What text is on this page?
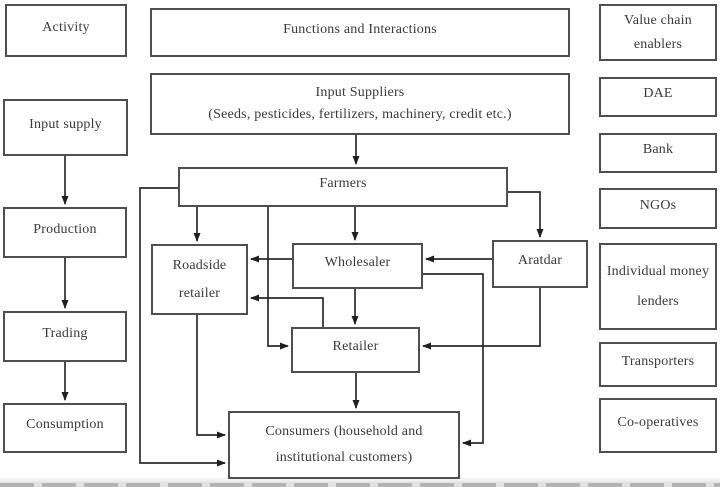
Activity
Input supply
Production
Trading
Consumption
Functions and Interactions
Input Suppliers
(Seeds, pesticides, fertilizers, machinery, credit etc.)
Farmers
Roadside retailer
Wholesaler	Aratdar
Retailer
Consumers (household and institutional customers)
Value chain enablers
DAE
Bank
NGOs
Individual money lenders
Transporters
Co-operatives
